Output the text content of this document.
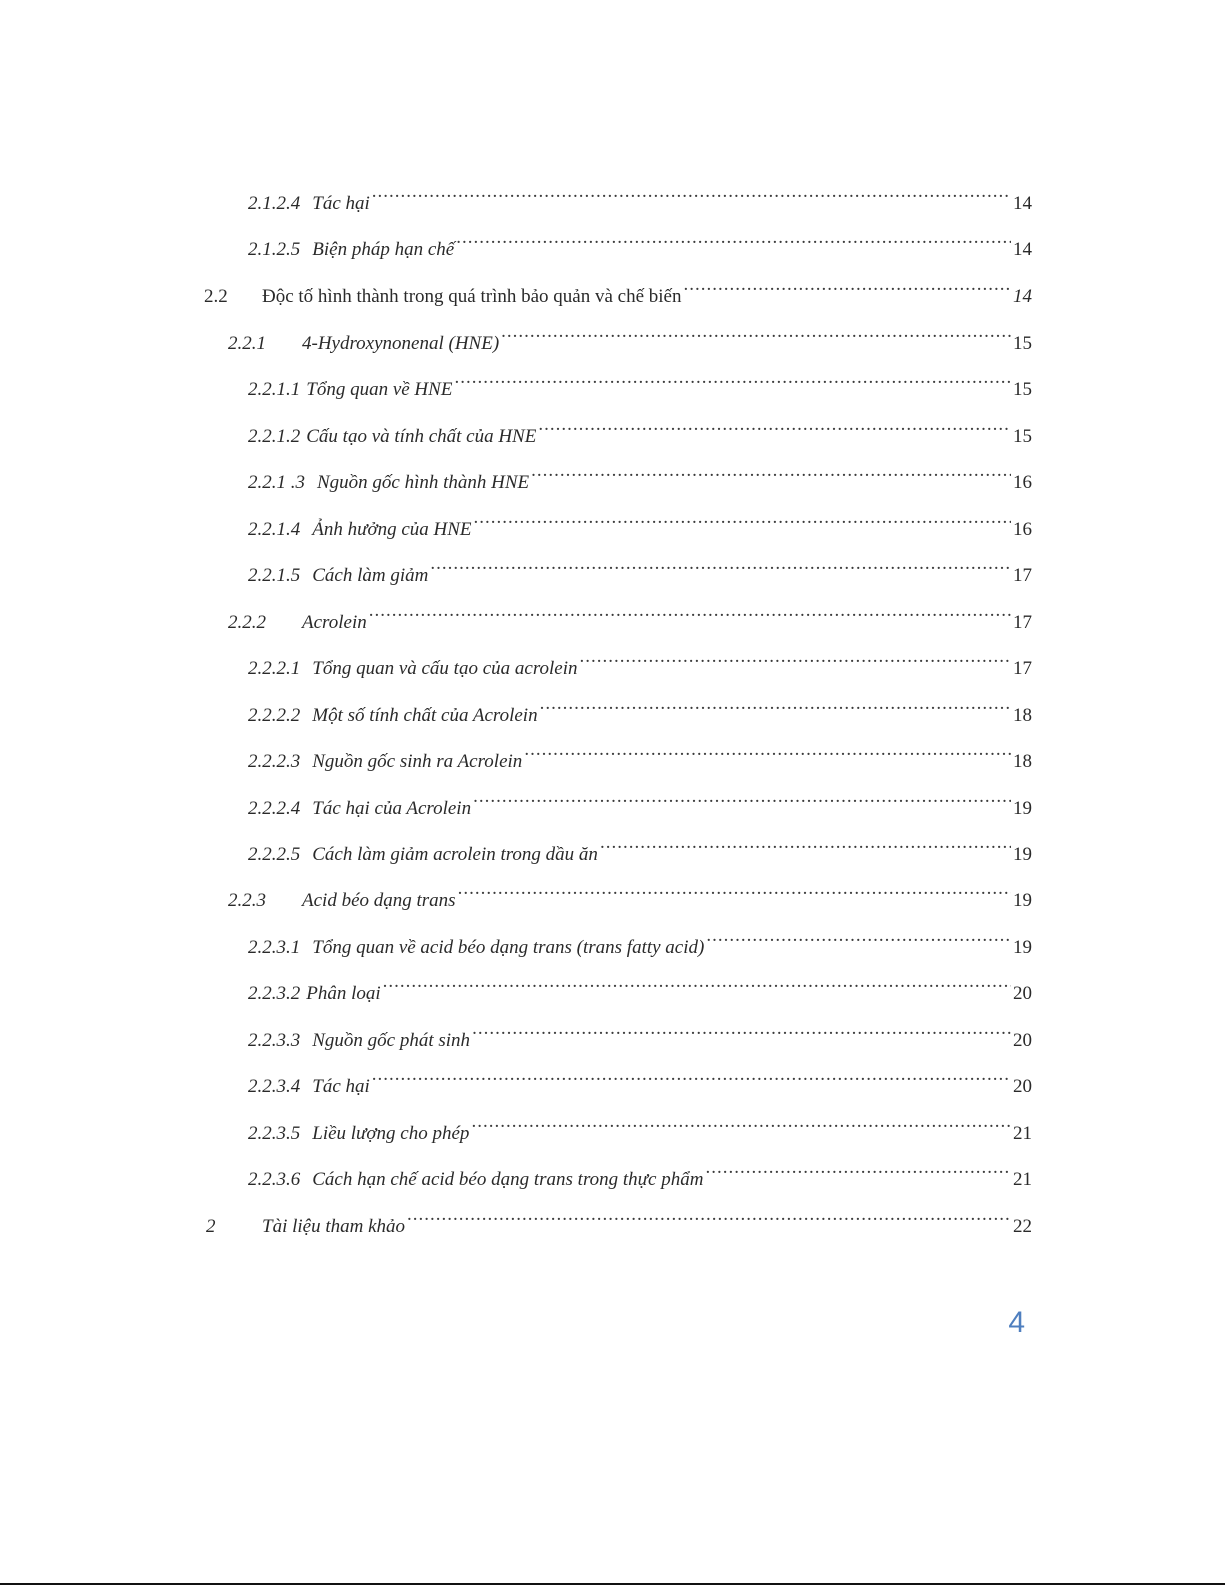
2.1.2.4 Tác hại .....	14
2.1.2.5 Biện pháp hạn chế .....	14
2.2	Độc tố hình thành trong quá trình bảo quản và chế biến .....	14
2.2.1	4-Hydroxynonenal (HNE) .....	15
2.2.1.1 Tổng quan về HNE .....	15
2.2.1.2 Cấu tạo và tính chất của HNE .....	15
2.2.1 .3 Nguồn gốc hình thành HNE .....	16
2.2.1.4 Ảnh hưởng của HNE .....	16
2.2.1.5 Cách làm giảm .....	17
2.2.2	Acrolein .....	17
2.2.2.1 Tổng quan và cấu tạo của acrolein .....	17
2.2.2.2 Một số tính chất của Acrolein .....	18
2.2.2.3 Nguồn gốc sinh ra Acrolein .....	18
2.2.2.4 Tác hại của Acrolein .....	19
2.2.2.5 Cách làm giảm acrolein trong dầu ăn .....	19
2.2.3	Acid béo dạng trans .....	19
2.2.3.1 Tổng quan về acid béo dạng trans (trans fatty acid) .....	19
2.2.3.2 Phân loại .....	20
2.2.3.3 Nguồn gốc phát sinh .....	20
2.2.3.4 Tác hại .....	20
2.2.3.5 Liều lượng cho phép .....	21
2.2.3.6 Cách hạn chế acid béo dạng trans trong thực phẩm .....	21
2	Tài liệu tham khảo .....	22
4
